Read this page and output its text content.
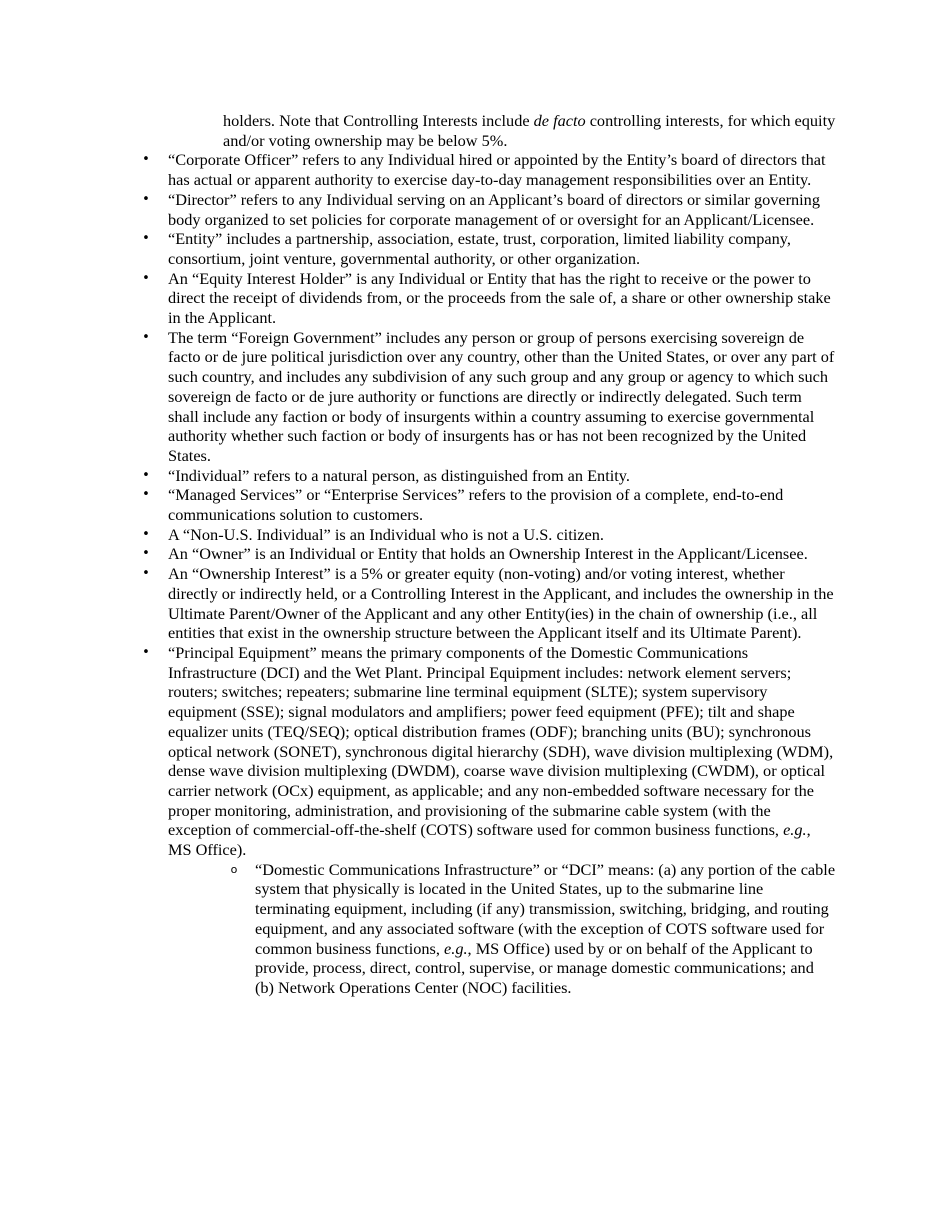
holders. Note that Controlling Interests include de facto controlling interests, for which equity and/or voting ownership may be below 5%.

• “Corporate Officer” refers to any Individual hired or appointed by the Entity’s board of directors that has actual or apparent authority to exercise day-to-day management responsibilities over an Entity.
• “Director” refers to any Individual serving on an Applicant’s board of directors or similar governing body organized to set policies for corporate management of or oversight for an Applicant/Licensee.
• “Entity” includes a partnership, association, estate, trust, corporation, limited liability company, consortium, joint venture, governmental authority, or other organization.
• An “Equity Interest Holder” is any Individual or Entity that has the right to receive or the power to direct the receipt of dividends from, or the proceeds from the sale of, a share or other ownership stake in the Applicant.
• The term “Foreign Government” includes any person or group of persons exercising sovereign de facto or de jure political jurisdiction over any country, other than the United States, or over any part of such country, and includes any subdivision of any such group and any group or agency to which such sovereign de facto or de jure authority or functions are directly or indirectly delegated. Such term shall include any faction or body of insurgents within a country assuming to exercise governmental authority whether such faction or body of insurgents has or has not been recognized by the United States.
• “Individual” refers to a natural person, as distinguished from an Entity.
• “Managed Services” or “Enterprise Services” refers to the provision of a complete, end-to-end communications solution to customers.
• A “Non-U.S. Individual” is an Individual who is not a U.S. citizen.
• An “Owner” is an Individual or Entity that holds an Ownership Interest in the Applicant/Licensee.
• An “Ownership Interest” is a 5% or greater equity (non-voting) and/or voting interest, whether directly or indirectly held, or a Controlling Interest in the Applicant, and includes the ownership in the Ultimate Parent/Owner of the Applicant and any other Entity(ies) in the chain of ownership (i.e., all entities that exist in the ownership structure between the Applicant itself and its Ultimate Parent).
• “Principal Equipment” means the primary components of the Domestic Communications Infrastructure (DCI) and the Wet Plant. Principal Equipment includes: network element servers; routers; switches; repeaters; submarine line terminal equipment (SLTE); system supervisory equipment (SSE); signal modulators and amplifiers; power feed equipment (PFE); tilt and shape equalizer units (TEQ/SEQ); optical distribution frames (ODF); branching units (BU); synchronous optical network (SONET), synchronous digital hierarchy (SDH), wave division multiplexing (WDM), dense wave division multiplexing (DWDM), coarse wave division multiplexing (CWDM), or optical carrier network (OCx) equipment, as applicable; and any non-embedded software necessary for the proper monitoring, administration, and provisioning of the submarine cable system (with the exception of commercial-off-the-shelf (COTS) software used for common business functions, e.g., MS Office).
o “Domestic Communications Infrastructure” or “DCI” means: (a) any portion of the cable system that physically is located in the United States, up to the submarine line terminating equipment, including (if any) transmission, switching, bridging, and routing equipment, and any associated software (with the exception of COTS software used for common business functions, e.g., MS Office) used by or on behalf of the Applicant to provide, process, direct, control, supervise, or manage domestic communications; and (b) Network Operations Center (NOC) facilities.
